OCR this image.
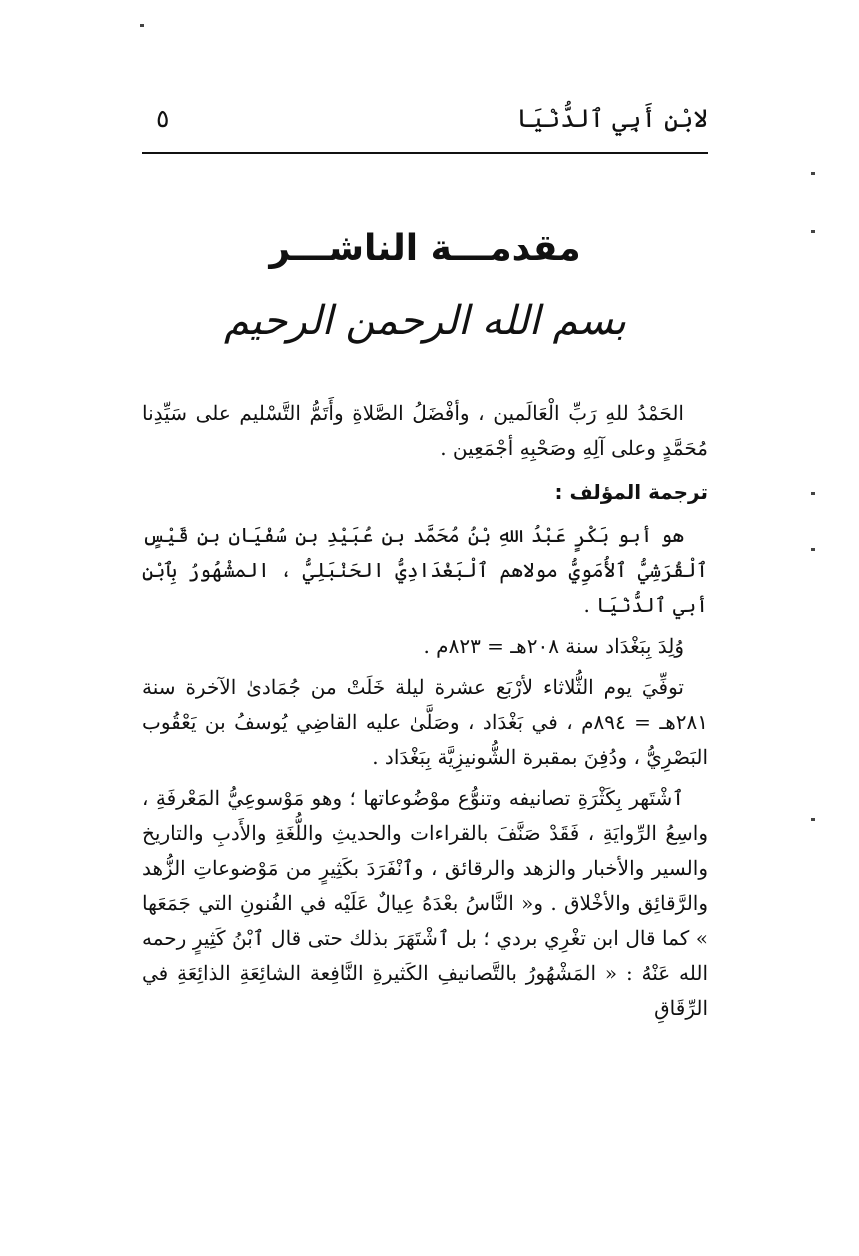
لابْنِ أَبِي ٱلدُّنْيَا
٥
مقدمـــة الناشـــر
بسم الله الرحمن الرحيم

الحَمْدُ للهِ رَبِّ الْعَالَمين ، وأفْضَلُ الصَّلاةِ وأَتَمُّ التَّسْليم على سَيِّدِنا مُحَمَّدٍ وعلى آلِهِ وصَحْبِهِ أجْمَعِين .

ترجمة المؤلف :

هو أبو بَكْرٍ عَبْدُ اللهِ بْنُ مُحَمَّد بن عُبَيْدِ بن سُفْيَان بنِ قَيْسٍ ٱلْقُرَشِيُّ ٱلأُمَوِيُّ مولاهم ٱلْبَغْدَادِيُّ الحَنْبَلِيُّ ، المشْهُورُ بِٱبْنِ أبي ٱلدُّنْيَا .

وُلِدَ بِبَغْدَاد سنة ٢٠٨هـ = ٨٢٣م .

توفِّيَ يوم الثُّلاثاء لأرْبَع عشرة ليلة خَلَتْ من جُمَادىٰ الآخرة سنة ٢٨١هـ = ٨٩٤م ، في بَغْدَاد ، وصَلَّىٰ عليه القاضِي يُوسفُ بن يَعْقُوب البَصْرِيُّ ، ودُفِنَ بمقبرة الشُّونيزِيَّة بِبَغْدَاد .

ٱشْتَهر بِكَثْرَةِ تصانيفه وتنوُّع موْضُوعاتها ؛ وهو مَوْسوعِيُّ المَعْرفَةِ ، واسِعُ الرِّوايَةِ ، فَقَدْ صَنَّفَ بالقراءات والحديثِ واللُّغَةِ والأَدبِ والتاريخ والسير والأخبار والزهد والرقائق ، وٱنْفَرَدَ بكَثِيرٍ من مَوْضوعاتِ الزُّهد والرَّقائِق والأخْلاق . و« النَّاسُ بعْدَهُ عِيالٌ عَلَيْه في الفُنونِ التي جَمَعَها » كما قال ابن تغْرِي بردي ؛ بل ٱشْتَهَرَ بذلك حتى قال ٱبْنُ كَثِيرٍ رحمه الله عَنْهُ : « المَشْهُورُ بالتَّصانيفِ الكَثيرةِ النَّافِعة الشائِعَةِ الذائِعَةِ في الرِّقَاقِ
